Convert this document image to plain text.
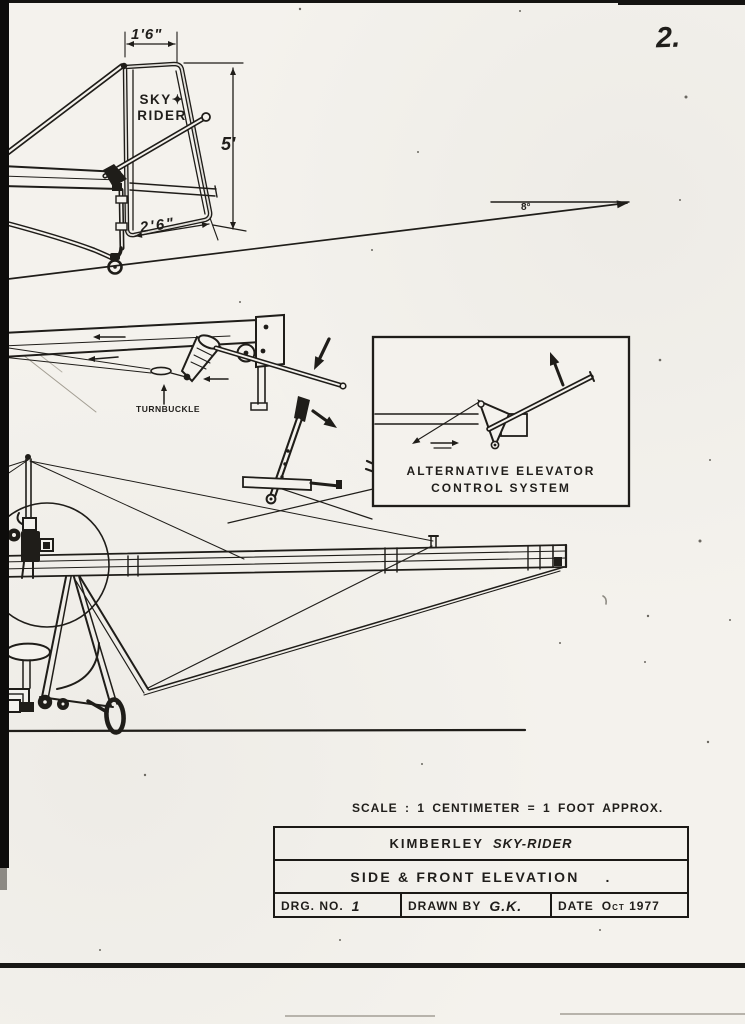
2.
SKY✦
RIDER
1'6"
5'
2'6"
8°
TURNBUCKLE
ALTERNATIVE ELEVATOR
CONTROL SYSTEM
SCALE : 1 CENTIMETER = 1 FOOT APPROX.
KIMBERLEY SKY-RIDER
SIDE & FRONT ELEVATION .
DRG. NO. 1	DRAWN BY G.K.	DATE Oct 1977
